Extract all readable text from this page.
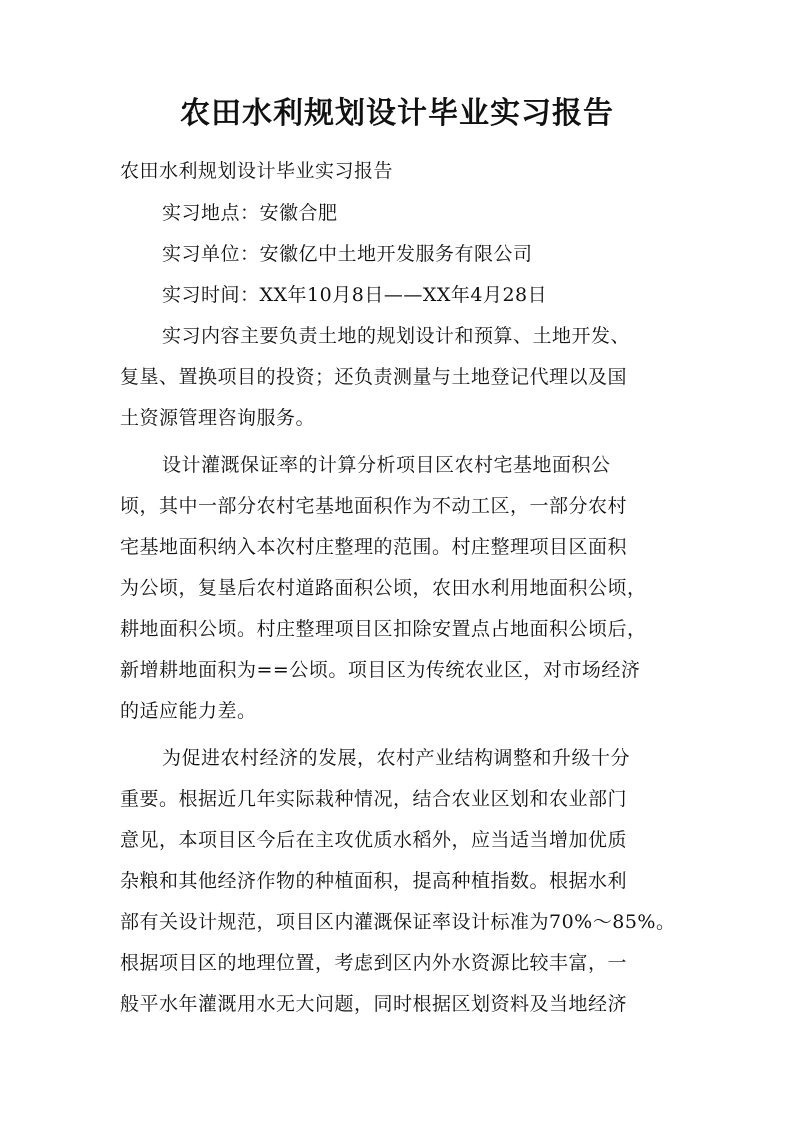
农田水利规划设计毕业实习报告
农田水利规划设计毕业实习报告
实习地点：安徽合肥
实习单位：安徽亿中土地开发服务有限公司
实习时间：XX年10月8日——XX年4月28日
实习内容主要负责土地的规划设计和预算、土地开发、
复垦、置换项目的投资；还负责测量与土地登记代理以及国
土资源管理咨询服务。
设计灌溉保证率的计算分析项目区农村宅基地面积公
顷，其中一部分农村宅基地面积作为不动工区，一部分农村
宅基地面积纳入本次村庄整理的范围。村庄整理项目区面积
为公顷，复垦后农村道路面积公顷，农田水利用地面积公顷，
耕地面积公顷。村庄整理项目区扣除安置点占地面积公顷后，
新增耕地面积为==公顷。项目区为传统农业区，对市场经济
的适应能力差。
为促进农村经济的发展，农村产业结构调整和升级十分
重要。根据近几年实际栽种情况，结合农业区划和农业部门
意见，本项目区今后在主攻优质水稻外，应当适当增加优质
杂粮和其他经济作物的种植面积，提高种植指数。根据水利
部有关设计规范，项目区内灌溉保证率设计标准为70%～85%。
根据项目区的地理位置，考虑到区内外水资源比较丰富，一
般平水年灌溉用水无大问题，同时根据区划资料及当地经济
